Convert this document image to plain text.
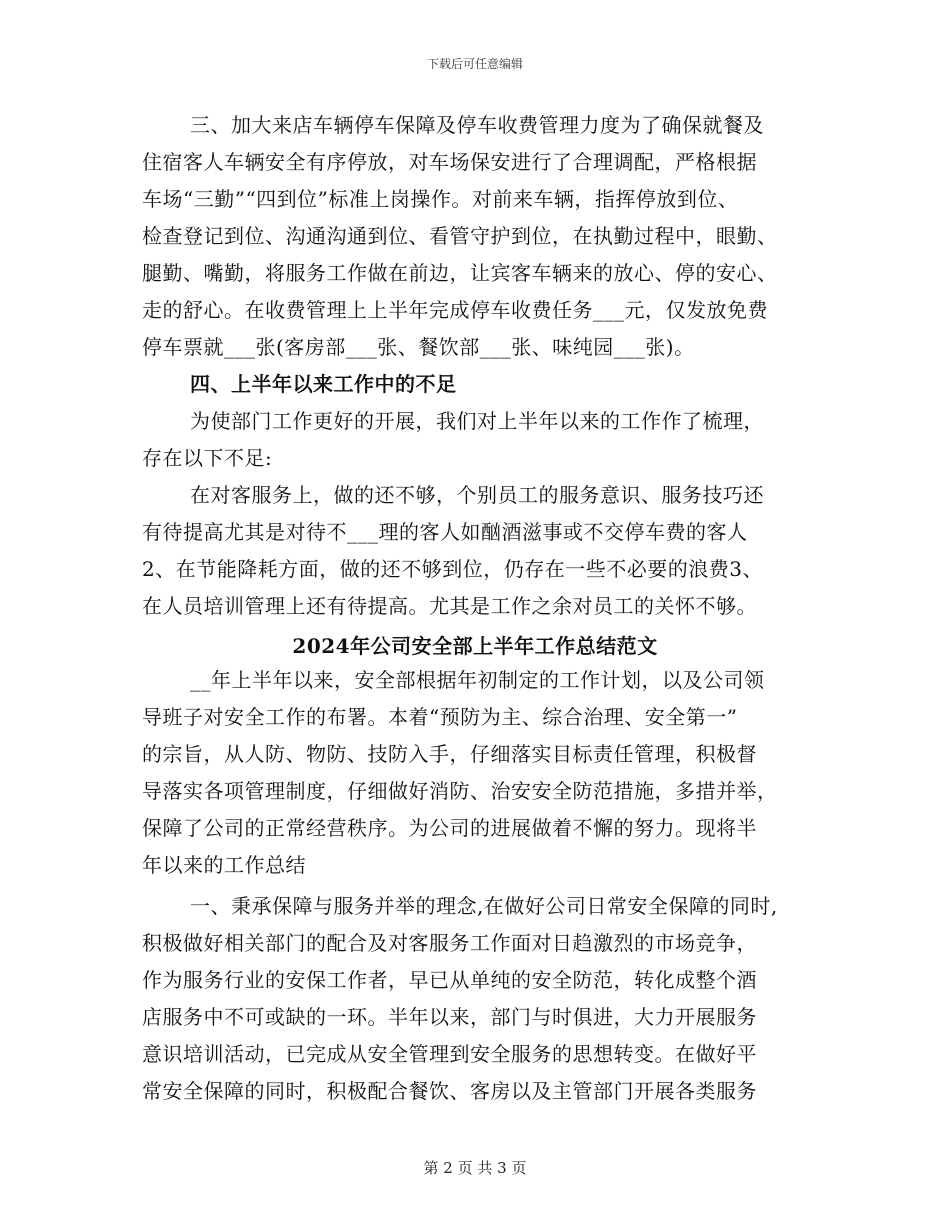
下载后可任意编辑
三、加大来店车辆停车保障及停车收费管理力度为了确保就餐及
住宿客人车辆安全有序停放，对车场保安进行了合理调配，严格根据
车场“三勤”“四到位”标准上岗操作。对前来车辆，指挥停放到位、
检查登记到位、沟通沟通到位、看管守护到位，在执勤过程中，眼勤、
腿勤、嘴勤，将服务工作做在前边，让宾客车辆来的放心、停的安心、
走的舒心。在收费管理上上半年完成停车收费任务___元，仅发放免费
停车票就___张(客房部___张、餐饮部___张、味纯园___张)。
四、上半年以来工作中的不足
为使部门工作更好的开展，我们对上半年以来的工作作了梳理，
存在以下不足:
在对客服务上，做的还不够，个别员工的服务意识、服务技巧还
有待提高尤其是对待不___理的客人如酗酒滋事或不交停车费的客人
2、在节能降耗方面，做的还不够到位，仍存在一些不必要的浪费3、
在人员培训管理上还有待提高。尤其是工作之余对员工的关怀不够。
2024年公司安全部上半年工作总结范文
__年上半年以来，安全部根据年初制定的工作计划，以及公司领
导班子对安全工作的布署。本着“预防为主、综合治理、安全第一”
的宗旨，从人防、物防、技防入手，仔细落实目标责任管理，积极督
导落实各项管理制度，仔细做好消防、治安安全防范措施，多措并举，
保障了公司的正常经营秩序。为公司的进展做着不懈的努力。现将半
年以来的工作总结
一、秉承保障与服务并举的理念,在做好公司日常安全保障的同时,
积极做好相关部门的配合及对客服务工作面对日趋激烈的市场竞争，
作为服务行业的安保工作者，早已从单纯的安全防范，转化成整个酒
店服务中不可或缺的一环。半年以来，部门与时俱进，大力开展服务
意识培训活动，已完成从安全管理到安全服务的思想转变。在做好平
常安全保障的同时，积极配合餐饮、客房以及主管部门开展各类服务
第 2 页 共 3 页
